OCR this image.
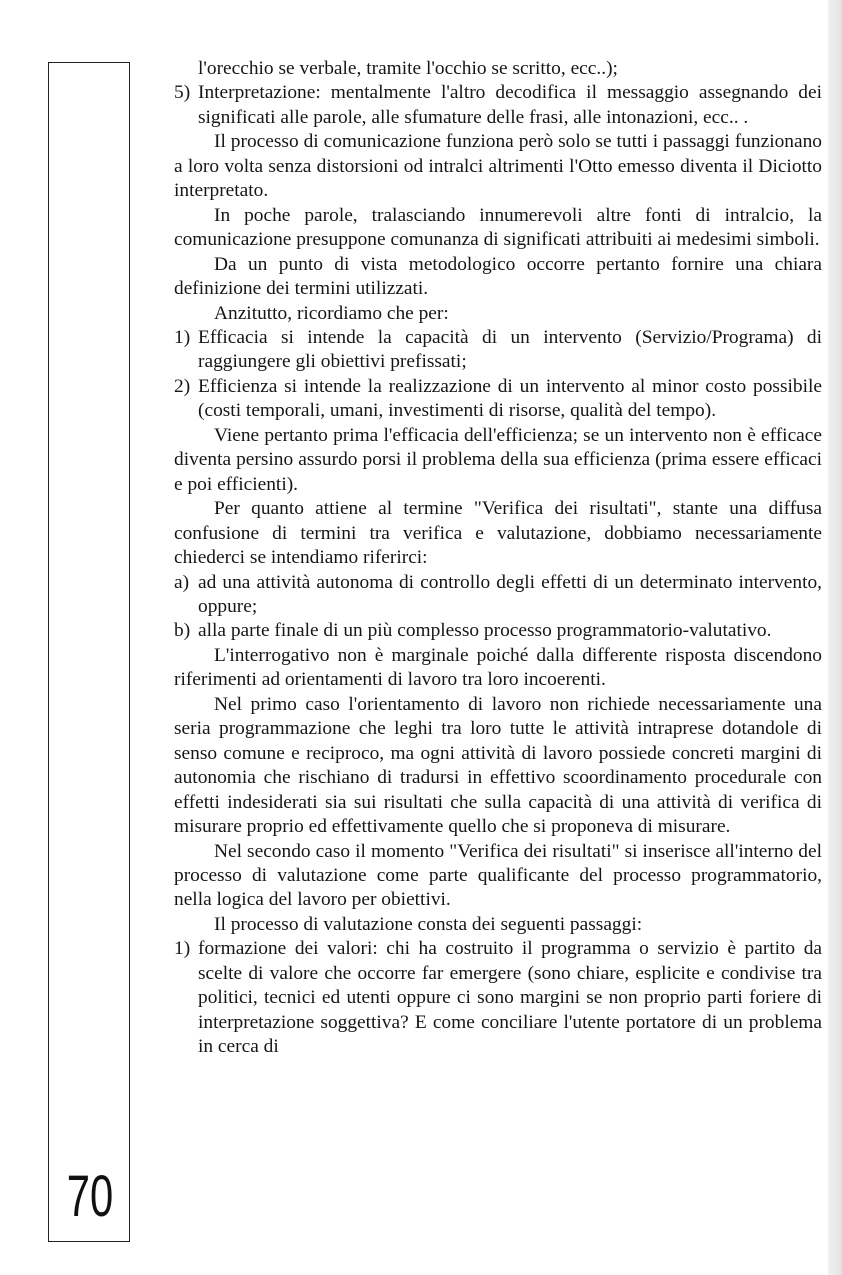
70

l'orecchio se verbale, tramite l'occhio se scritto, ecc..);

5) Interpretazione: mentalmente l'altro decodifica il messaggio assegnando dei significati alle parole, alle sfumature delle frasi, alle intonazioni, ecc.. .

Il processo di comunicazione funziona però solo se tutti i passaggi funzionano a loro volta senza distorsioni od intralci altrimenti l'Otto emesso diventa il Diciotto interpretato.

In poche parole, tralasciando innumerevoli altre fonti di intralcio, la comunicazione presuppone comunanza di significati attribuiti ai medesimi simboli.

Da un punto di vista metodologico occorre pertanto fornire una chiara definizione dei termini utilizzati.

Anzitutto, ricordiamo che per:

1) Efficacia si intende la capacità di un intervento (Servizio/Programa) di raggiungere gli obiettivi prefissati;
2) Efficienza si intende la realizzazione di un intervento al minor costo possibile (costi temporali, umani, investimenti di risorse, qualità del tempo).

Viene pertanto prima l'efficacia dell'efficienza; se un intervento non è efficace diventa persino assurdo porsi il problema della sua efficienza (prima essere efficaci e poi efficienti).

Per quanto attiene al termine "Verifica dei risultati", stante una diffusa confusione di termini tra verifica e valutazione, dobbiamo necessariamente chiederci se intendiamo riferirci:

a) ad una attività autonoma di controllo degli effetti di un determinato intervento, oppure;
b) alla parte finale di un più complesso processo programmatorio-valutativo.

L'interrogativo non è marginale poiché dalla differente risposta discendono riferimenti ad orientamenti di lavoro tra loro incoerenti.

Nel primo caso l'orientamento di lavoro non richiede necessariamente una seria programmazione che leghi tra loro tutte le attività intraprese dotandole di senso comune e reciproco, ma ogni attività di lavoro possiede concreti margini di autonomia che rischiano di tradursi in effettivo scoordinamento procedurale con effetti indesiderati sia sui risultati che sulla capacità di una attività di verifica di misurare proprio ed effettivamente quello che si proponeva di misurare.

Nel secondo caso il momento "Verifica dei risultati" si inserisce all'interno del processo di valutazione come parte qualificante del processo programmatorio, nella logica del lavoro per obiettivi.

Il processo di valutazione consta dei seguenti passaggi:

1) formazione dei valori: chi ha costruito il programma o servizio è partito da scelte di valore che occorre far emergere (sono chiare, esplicite e condivise tra politici, tecnici ed utenti oppure ci sono margini se non proprio parti foriere di interpretazione soggettiva? E come conciliare l'utente portatore di un problema in cerca di
